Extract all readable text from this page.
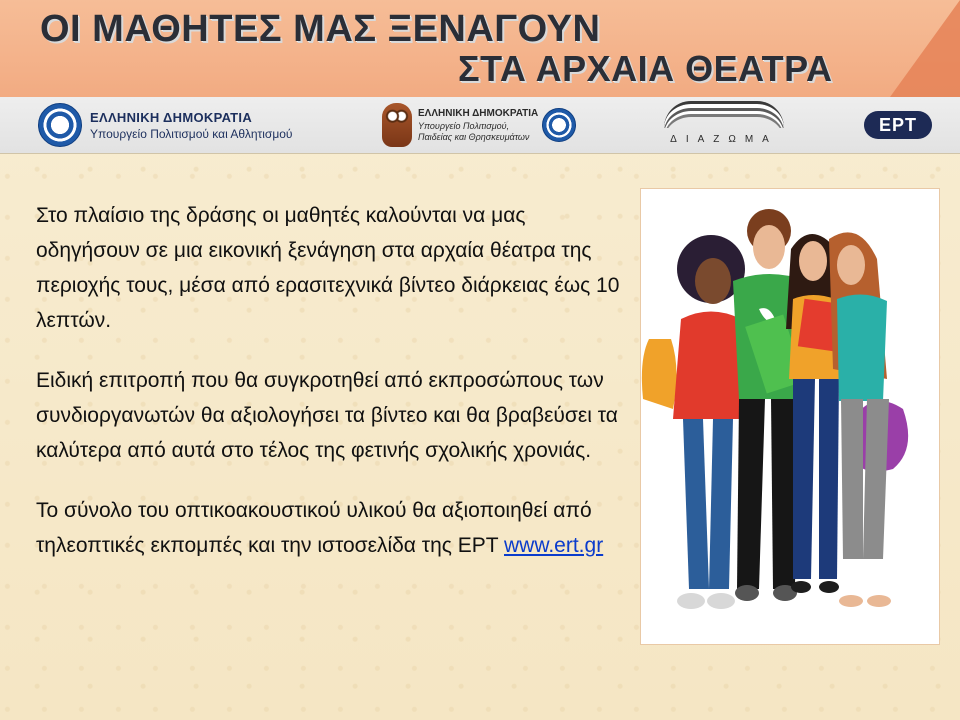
ΟΙ ΜΑΘΗΤΕΣ ΜΑΣ ΞΕΝΑΓΟΥΝ
ΣΤΑ ΑΡΧΑΙΑ ΘΕΑΤΡΑ
ΕΛΛΗΝΙΚΗ ΔΗΜΟΚΡΑΤΙΑ
Υπουργείο Πολιτισμού και Αθλητισμού
ΕΛΛΗΝΙΚΗ ΔΗΜΟΚΡΑΤΙΑ
Υπουργείο Πολιτισμού,
Παιδείας και Θρησκευμάτων	ΔΙΑΖΩΜΑ
ΕΡΤ

Στο πλαίσιο της δράσης οι μαθητές καλούνται να μας οδηγήσουν σε μια εικονική ξενάγηση στα αρχαία θέατρα της περιοχής τους, μέσα από ερασιτεχνικά βίντεο διάρκειας έως 10 λεπτών.

Ειδική επιτροπή που θα συγκροτηθεί από εκπροσώπους των συνδιοργανωτών θα αξιολογήσει τα βίντεο και θα βραβεύσει τα καλύτερα από αυτά στο τέλος της φετινής σχολικής χρονιάς.

Το σύνολο του οπτικοακουστικού υλικού θα αξιοποιηθεί από τηλεοπτικές εκπομπές και την ιστοσελίδα της ΕΡΤ www.ert.gr
